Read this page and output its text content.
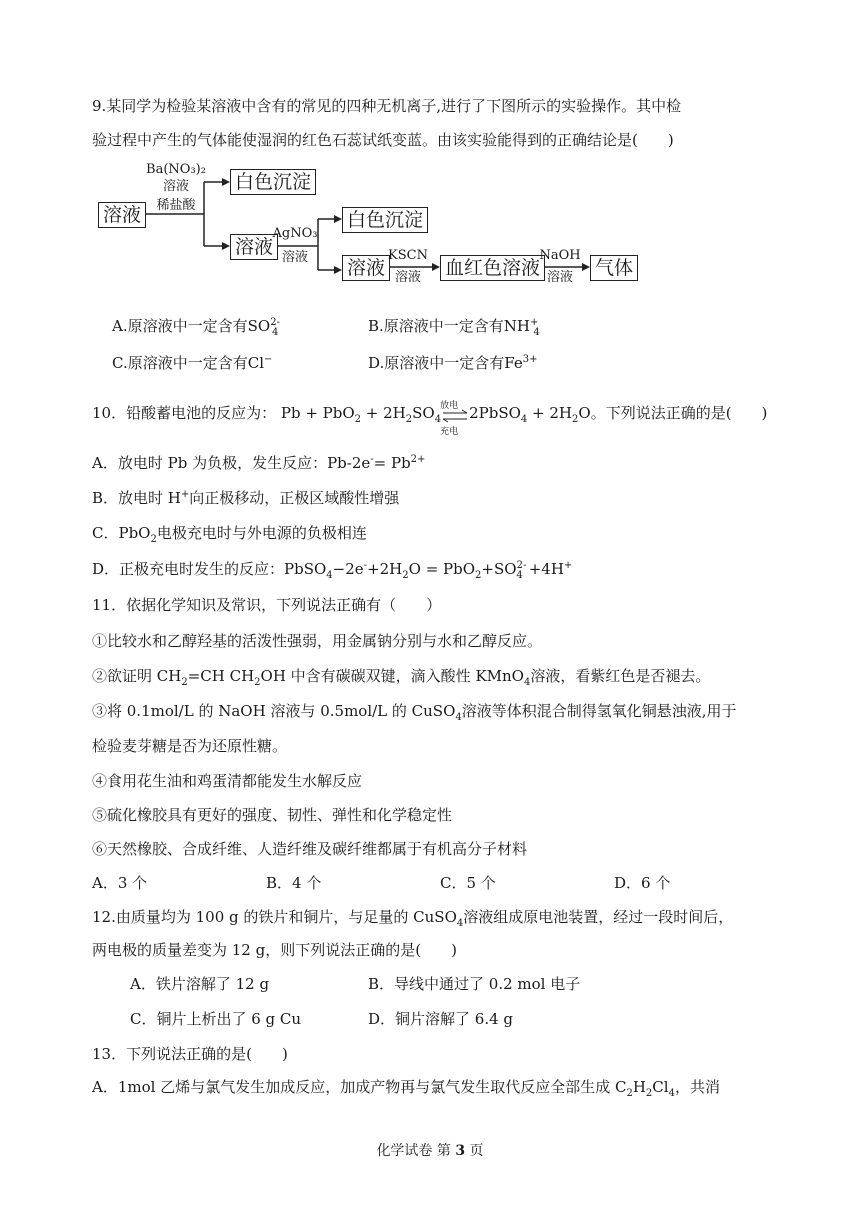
9.某同学为检验某溶液中含有的常见的四种无机离子,进行了下图所示的实验操作。其中检
验过程中产生的气体能使湿润的红色石蕊试纸变蓝。由该实验能得到的正确结论是(　　)
溶液
Ba(NO₃)₂
溶液
稀盐酸
白色沉淀
溶液
AgNO₃
溶液
白色沉淀
溶液
KSCN
溶液	血红色溶液
NaOH
溶液	气体
A.原溶液中一定含有$SO^{2-}_4$	B.原溶液中一定含有$NH^+_4$
C.原溶液中一定含有Cl−	D.原溶液中一定含有$Fe^{3+}$
10．铅酸蓄电池的反应为： $Pb + PbO_2 + 2H_2SO_4$
放电
充电
2PbSO$_4$ + $2H_2O$。下列说法正确的是(　　)
A．放电时 Pb 为负极，发生反应：$Pb-2e^-= Pb^{2+}$
B．放电时 H+向正极移动，正极区域酸性增强
C．PbO$_2$电极充电时与外电源的负极相连
D．正极充电时发生的反应：$PbSO_4-2e^-+2H_2O = PbO_2+SO^{2-}_4 +4H^+$
11．依据化学知识及常识，下列说法正确有（　　）
①比较水和乙醇羟基的活泼性强弱，用金属钠分别与水和乙醇反应。
②欲证明 $CH_2=CH$ $CH_2OH$ 中含有碳碳双键，滴入酸性 KMnO$_4$溶液，看紫红色是否褪去。
③将 0.1mol/L 的 NaOH 溶液与 0.5mol/L 的 CuSO$_4$溶液等体积混合制得氢氧化铜悬浊液,用于
检验麦芽糖是否为还原性糖。
④食用花生油和鸡蛋清都能发生水解反应
⑤硫化橡胶具有更好的强度、韧性、弹性和化学稳定性
⑥天然橡胶、合成纤维、人造纤维及碳纤维都属于有机高分子材料
A．3 个	B．4 个	C．5 个	D．6 个
12.由质量均为 100 g 的铁片和铜片，与足量的 CuSO$_4$溶液组成原电池装置，经过一段时间后，
两电极的质量差变为 12 g，则下列说法正确的是(　　)
A．铁片溶解了 12 g	B．导线中通过了 0.2 mol 电子
C．铜片上析出了 6 g Cu	D．铜片溶解了 6.4 g
13．下列说法正确的是(　　)
A．1mol 乙烯与氯气发生加成反应，加成产物再与氯气发生取代反应全部生成 $C_2H_2Cl_4$，共消
化学试卷 第 3 页
